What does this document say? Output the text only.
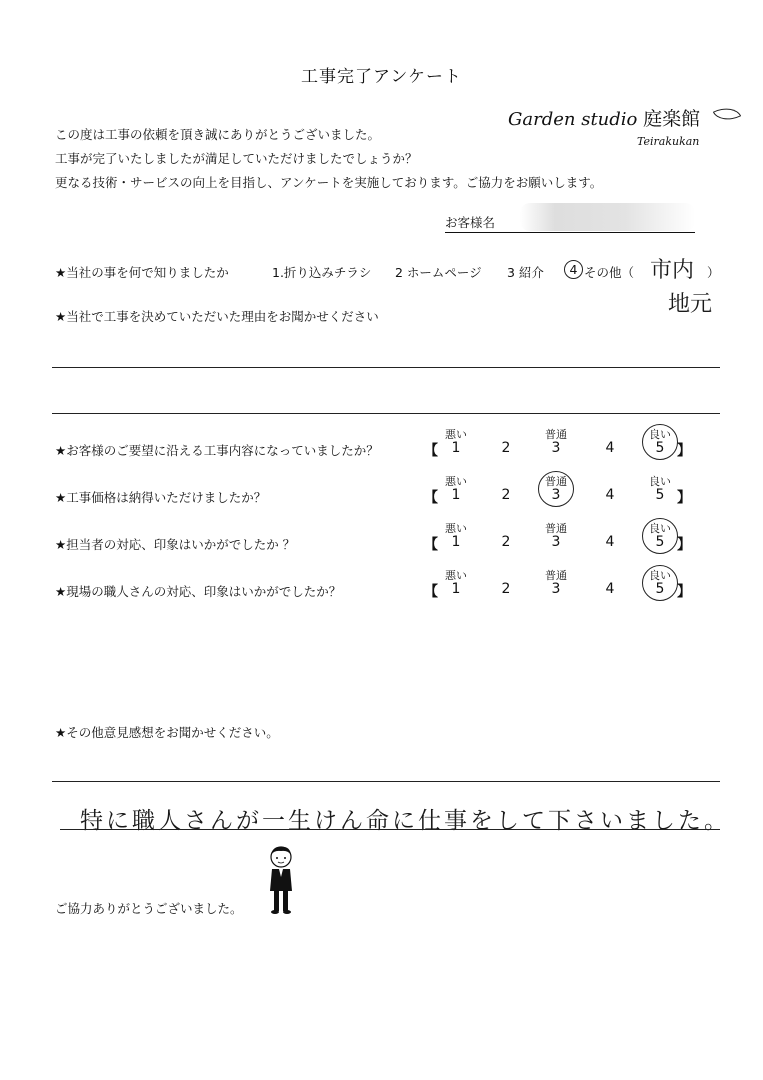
工事完了アンケート
この度は工事の依頼を頂き誠にありがとうございました。
工事が完了いたしましたが満足していただけましたでしょうか？
更なる技術・サービスの向上を目指し、アンケートを実施しております。ご協力をお願いします。
Garden studio 庭楽館
Teirakukan
お客様名
★当社の事を何で知りましたか	1.折り込みチラシ 2 ホームページ 3 紹介	4 その他（ 市内 ）
地元
★当社で工事を決めていただいた理由をお聞かせください
★お客様のご要望に沿える工事内容になっていましたか？
悪い	普通	良い
【 1	2	3	4	5 】
★工事価格は納得いただけましたか？
悪い	普通	良い
【 1	2	3	4	5 】
★担当者の対応、印象はいかがでしたか ？
悪い	普通	良い
【 1	2	3	4	5 】
★現場の職人さんの対応、印象はいかがでしたか？
悪い	普通	良い
【 1	2	3	4	5 】
★その他意見感想をお聞かせください。
特に職人さんが一生けん命に仕事をして下さいました。
ご協力ありがとうございました。
